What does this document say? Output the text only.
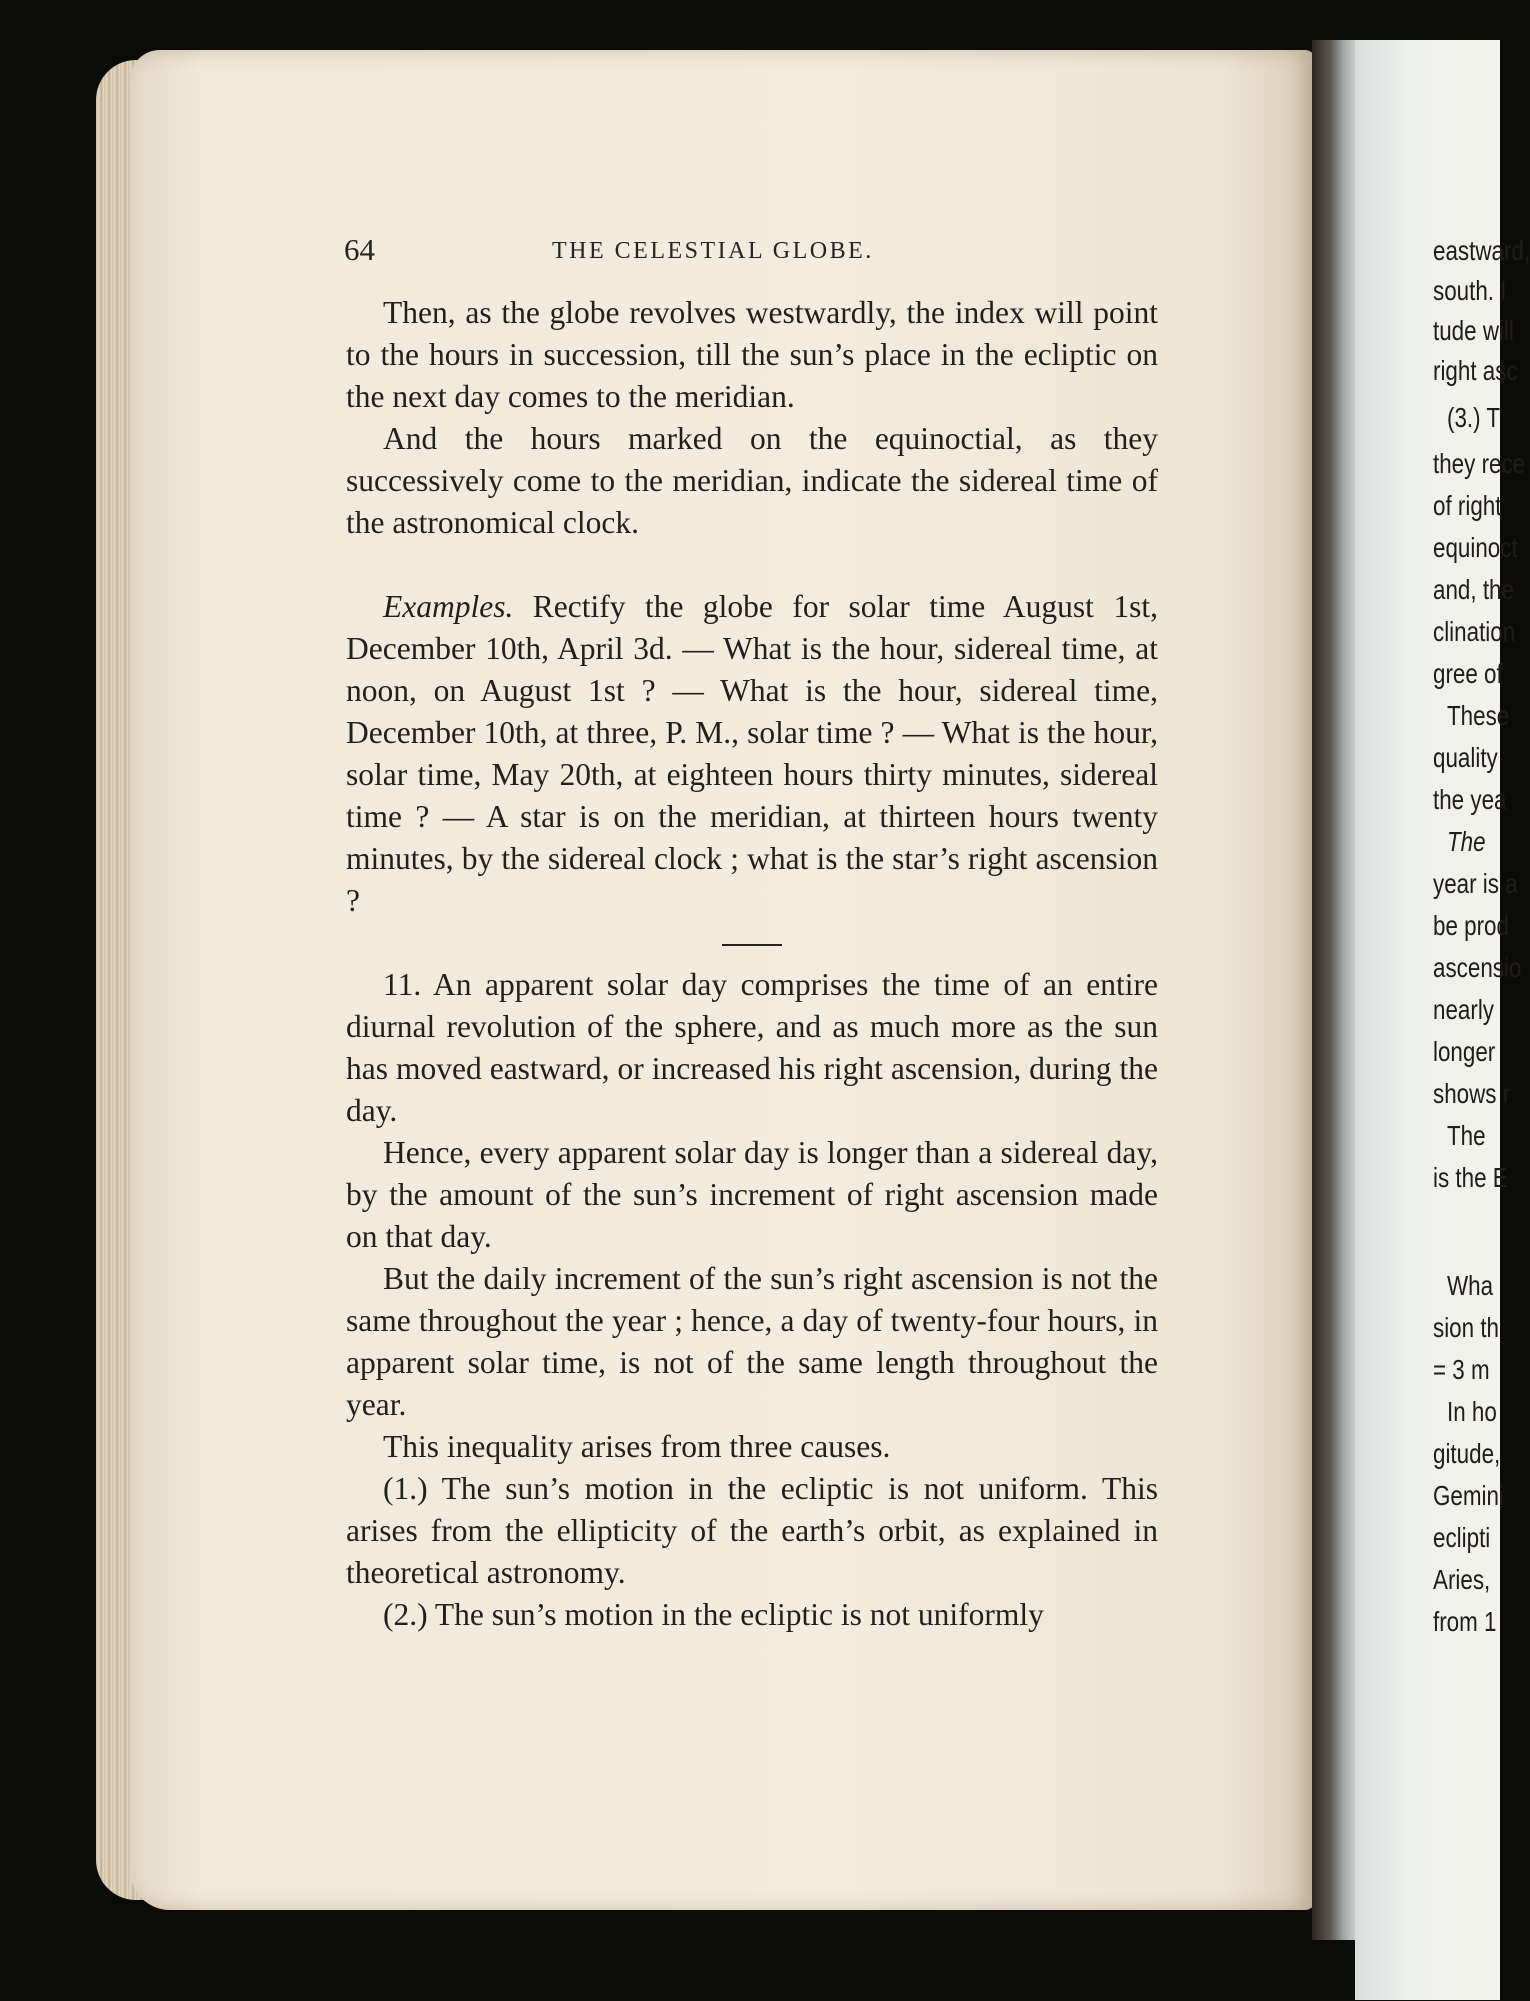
eastward,
south. I
tude will
right asc
(3.) T
they rece
of right
equinoct
and, the
clination
gree of
These
quality
the yea
The
year is a
be prod
ascensio
nearly
longer
shows r
The
is the E
Wha
sion th
= 3 m
In ho
gitude,
Gemini
eclipti
Aries,
from 1
64	THE CELESTIAL GLOBE.

Then, as the globe revolves westwardly, the index will point to the hours in succession, till the sun’s place in the ecliptic on the next day comes to the meridian.

And the hours marked on the equinoctial, as they successively come to the meridian, indicate the sidereal time of the astronomical clock.

Examples. Rectify the globe for solar time August 1st, December 10th, April 3d. — What is the hour, sidereal time, at noon, on August 1st ? — What is the hour, sidereal time, December 10th, at three, P. M., solar time ? — What is the hour, solar time, May 20th, at eighteen hours thirty minutes, sidereal time ? — A star is on the meridian, at thirteen hours twenty minutes, by the sidereal clock ; what is the star’s right ascension ?

11. An apparent solar day comprises the time of an entire diurnal revolution of the sphere, and as much more as the sun has moved eastward, or increased his right ascension, during the day.

Hence, every apparent solar day is longer than a sidereal day, by the amount of the sun’s increment of right ascension made on that day.

But the daily increment of the sun’s right ascension is not the same throughout the year ; hence, a day of twenty-four hours, in apparent solar time, is not of the same length throughout the year.

This inequality arises from three causes.

(1.) The sun’s motion in the ecliptic is not uniform. This arises from the ellipticity of the earth’s orbit, as explained in theoretical astronomy.

(2.) The sun’s motion in the ecliptic is not uniformly
